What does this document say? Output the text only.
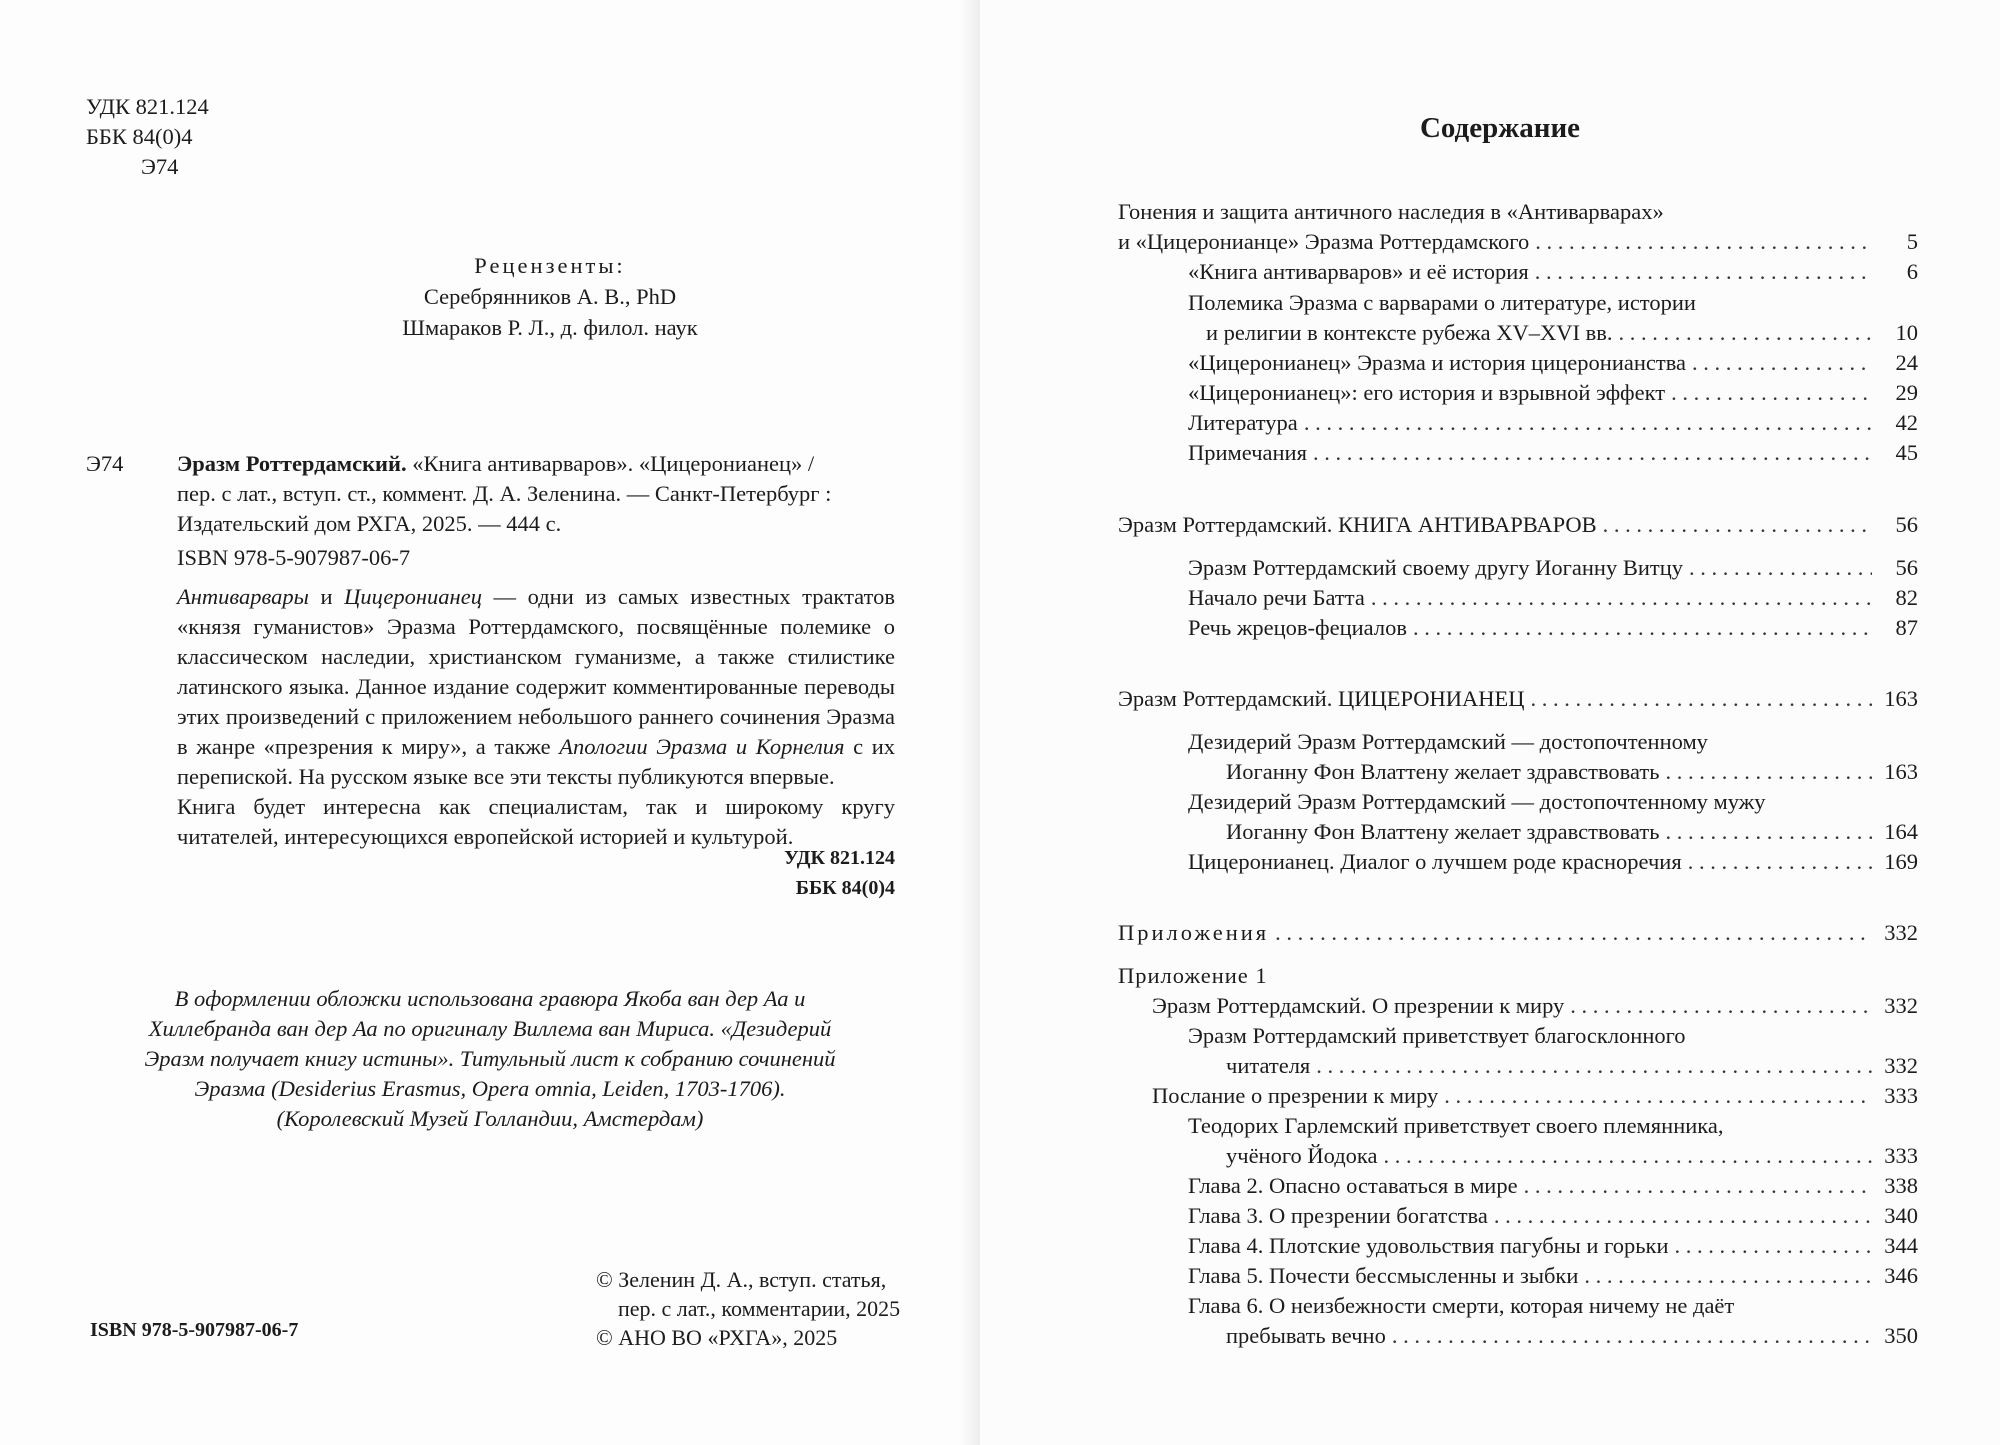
УДК 821.124
ББК 84(0)4
Э74
Рецензенты:
Серебрянников А. В., PhD
Шмараков Р. Л., д. филол. наук
Э74 Эразм Роттердамский. «Книга антиварваров». «Цицеронианец» /
пер. с лат., вступ. ст., коммент. Д. А. Зеленина. — Санкт-Петербург :
Издательский дом РХГА, 2025. — 444 с.
ISBN 978-5-907987-06-7

Антиварвары и Цицеронианец — одни из самых известных трактатов «князя гуманистов» Эразма Роттердамского, посвящённые полемике о классическом наследии, христианском гуманизме, а также стилистике латинского языка. Данное издание содержит комментированные переводы этих произведений с приложением небольшого раннего сочинения Эразма в жанре «презрения к миру», а также Апологии Эразма и Корнелия с их перепиской. На русском языке все эти тексты публикуются впервые.

Книга будет интересна как специалистам, так и широкому кругу читателей, интересующихся европейской историей и культурой.

УДК 821.124
ББК 84(0)4
В оформлении обложки использована гравюра Якоба ван дер Аа и Хиллебранда ван дер Аа по оригиналу Виллема ван Мириса. «Дезидерий Эразм получает книгу истины». Титульный лист к собранию сочинений Эразма (Desiderius Erasmus, Opera omnia, Leiden, 1703-1706). (Королевский Музей Голландии, Амстердам)
© Зеленин Д. А., вступ. статья,
пер. с лат., комментарии, 2025
© АНО ВО «РХГА», 2025
ISBN 978-5-907987-06-7
Содержание
Гонения и защита античного наследия в «Антиварварах»
и «Цицеронианце» Эразма Роттердамского . . .	5
«Книга антиварваров» и её история . . .	6
Полемика Эразма с варварами о литературе, истории
и религии в контексте рубежа XV–XVI вв. . . .	10
«Цицеронианец» Эразма и история цицеронианства . . .	24
«Цицеронианец»: его история и взрывной эффект . . .	29
Литература . . .	42
Примечания . . .	45
Эразм Роттердамский. КНИГА АНТИВАРВАРОВ . . .	56
Эразм Роттердамский своему другу Иоганну Витцу . . .	56
Начало речи Батта . . .	82
Речь жрецов-фециалов . . .	87
Эразм Роттердамский. ЦИЦЕРОНИАНЕЦ . . .	163
Дезидерий Эразм Роттердамский — достопочтенному
Иоганну Фон Влаттену желает здравствовать . . .	163
Дезидерий Эразм Роттердамский — достопочтенному мужу
Иоганну Фон Влаттену желает здравствовать . . .	164
Цицеронианец. Диалог о лучшем роде красноречия . . .	169
Приложения . . .	332
Приложение 1
Эразм Роттердамский. О презрении к миру . . .	332
Эразм Роттердамский приветствует благосклонного
читателя . . .	332
Послание о презрении к миру . . .	333
Теодорих Гарлемский приветствует своего племянника,
учёного Йодока . . .	333
Глава 2. Опасно оставаться в мире . . .	338
Глава 3. О презрении богатства . . .	340
Глава 4. Плотские удовольствия пагубны и горьки . . .	344
Глава 5. Почести бессмысленны и зыбки . . .	346
Глава 6. О неизбежности смерти, которая ничему не даёт
пребывать вечно . . .	350
